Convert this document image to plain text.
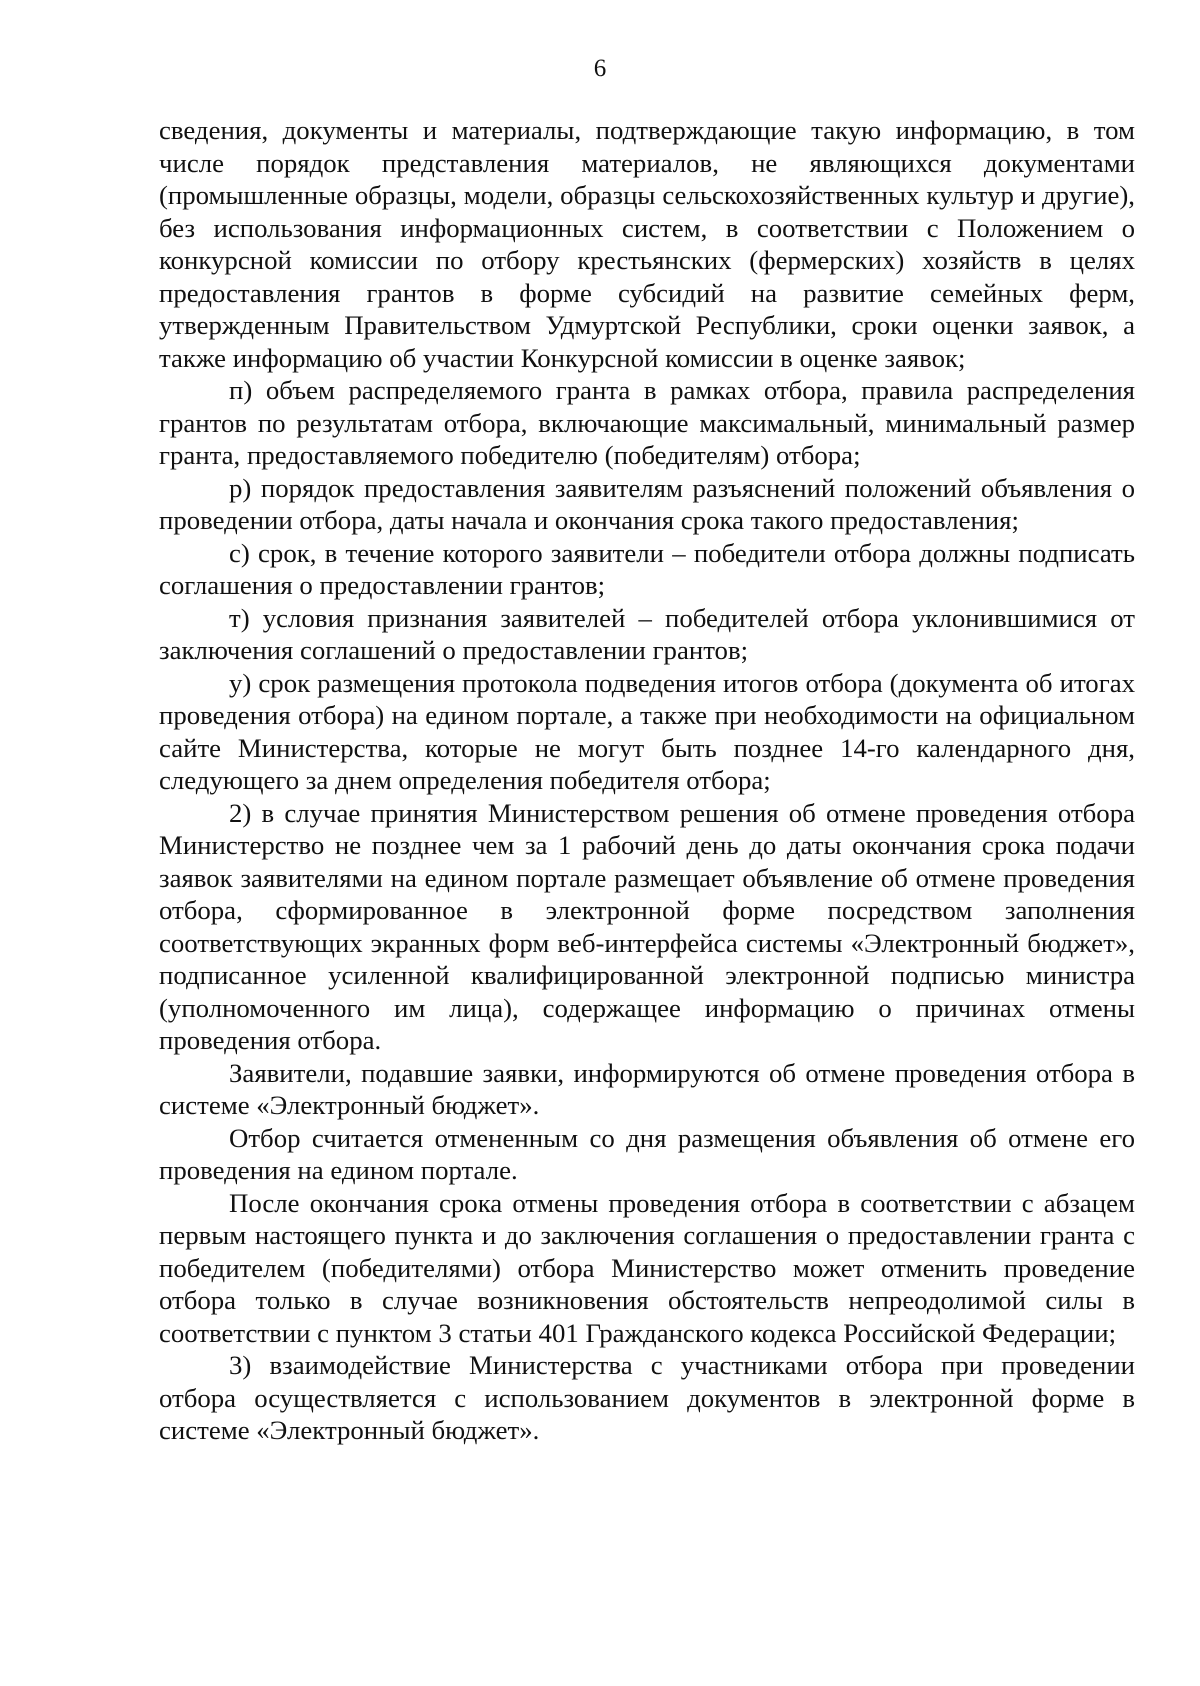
6

сведения, документы и материалы, подтверждающие такую информацию, в том числе порядок представления материалов, не являющихся документами (промышленные образцы, модели, образцы сельскохозяйственных культур и другие), без использования информационных систем, в соответствии с Положением о конкурсной комиссии по отбору крестьянских (фермерских) хозяйств в целях предоставления грантов в форме субсидий на развитие семейных ферм, утвержденным Правительством Удмуртской Республики, сроки оценки заявок, а также информацию об участии Конкурсной комиссии в оценке заявок;

п) объем распределяемого гранта в рамках отбора, правила распределения грантов по результатам отбора, включающие максимальный, минимальный размер гранта, предоставляемого победителю (победителям) отбора;

р) порядок предоставления заявителям разъяснений положений объявления о проведении отбора, даты начала и окончания срока такого предоставления;

с) срок, в течение которого заявители – победители отбора должны подписать соглашения о предоставлении грантов;

т) условия признания заявителей – победителей отбора уклонившимися от заключения соглашений о предоставлении грантов;

у) срок размещения протокола подведения итогов отбора (документа об итогах проведения отбора) на едином портале, а также при необходимости на официальном сайте Министерства, которые не могут быть позднее 14-го календарного дня, следующего за днем определения победителя отбора;

2) в случае принятия Министерством решения об отмене проведения отбора Министерство не позднее чем за 1 рабочий день до даты окончания срока подачи заявок заявителями на едином портале размещает объявление об отмене проведения отбора, сформированное в электронной форме посредством заполнения соответствующих экранных форм веб-интерфейса системы «Электронный бюджет», подписанное усиленной квалифицированной электронной подписью министра (уполномоченного им лица), содержащее информацию о причинах отмены проведения отбора.

Заявители, подавшие заявки, информируются об отмене проведения отбора в системе «Электронный бюджет».

Отбор считается отмененным со дня размещения объявления об отмене его проведения на едином портале.

После окончания срока отмены проведения отбора в соответствии с абзацем первым настоящего пункта и до заключения соглашения о предоставлении гранта с победителем (победителями) отбора Министерство может отменить проведение отбора только в случае возникновения обстоятельств непреодолимой силы в соответствии с пунктом 3 статьи 401 Гражданского кодекса Российской Федерации;

3) взаимодействие Министерства с участниками отбора при проведении отбора осуществляется с использованием документов в электронной форме в системе «Электронный бюджет».
